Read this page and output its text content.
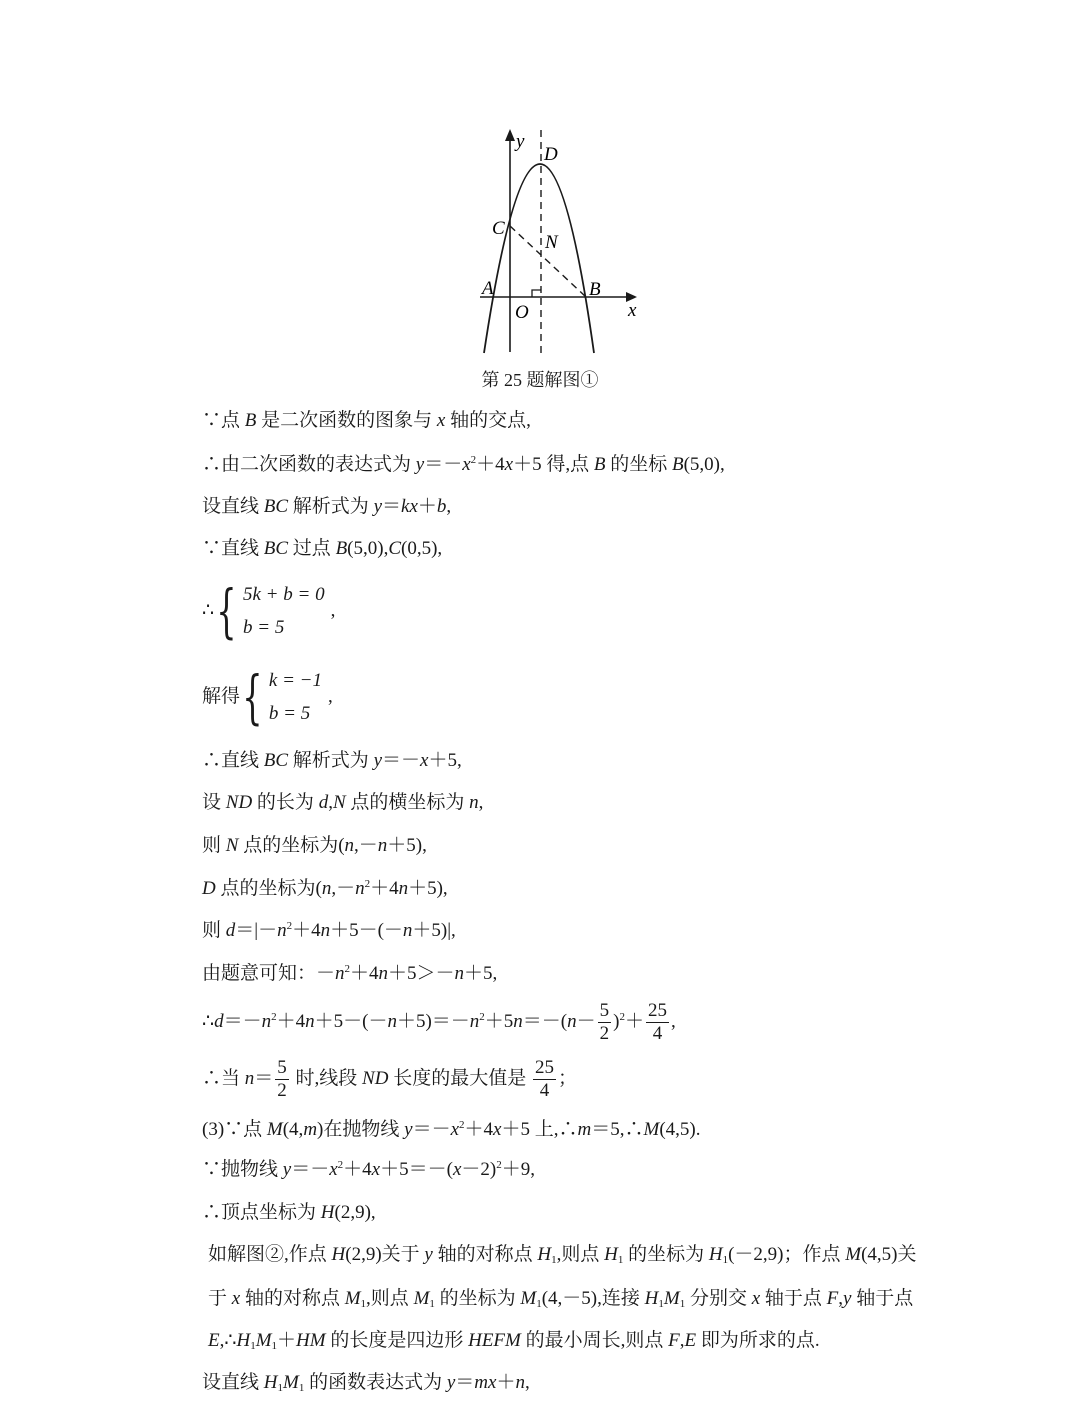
y
x
D
C
N
A	B
O
第 25 题解图①
∵点 B 是二次函数的图象与 x 轴的交点,
∴由二次函数的表达式为 $y=-x^2+4x+5$ 得,点 B 的坐标 B(5,0),
设直线 BC 解析式为 y＝kx＋b,
∵直线 BC 过点 B(5,0),C(0,5),
∴ { 5k + b = 0
b = 5
,
解得 { k = −1
b = 5
,
∴直线 BC 解析式为 y＝－x＋5,
设 ND 的长为 d,N 点的横坐标为 n,
则 N 点的坐标为(n,－n＋5),
D 点的坐标为$(n,-n^2+4n+5)$,
则 $d=|-n^2+4n+5-(-n+5)|$,
由题意可知：$-n^2+4n+5>-n+5$,
$\therefore d=-n^2+4n+5-(-n+5)=-n^2+5n=-(n- \frac{5}{2} )^2+ \frac{25}{4}$ ,
∴当 $n= \frac{5}{2}$ 时,线段 ND 长度的最大值是 $\frac{25}{4}$ ；
(3)∵点 M(4,m)在抛物线 $y=-x^2+4x+5$ 上,∴m＝5,∴M(4,5).
∵抛物线 $y=-x^2+4x+5=-(x-2)^2+9$,
∴顶点坐标为 H(2,9),
如解图②,作点 H(2,9)关于 y 轴的对称点 $H_1$,则点 $H_1$ 的坐标为 $H_1(-2,9)$；作点 M(4,5)关
于 x 轴的对称点 $M_1$,则点 $M_1$ 的坐标为 $M_1(4,-5)$,连接 $H_1M_1$ 分别交 x 轴于点 F,y 轴于点
$E,\therefore H_1M_1+HM$ 的长度是四边形 HEFM 的最小周长,则点 F,E 即为所求的点.
设直线 $H_1M_1$ 的函数表达式为 y＝mx＋n,
